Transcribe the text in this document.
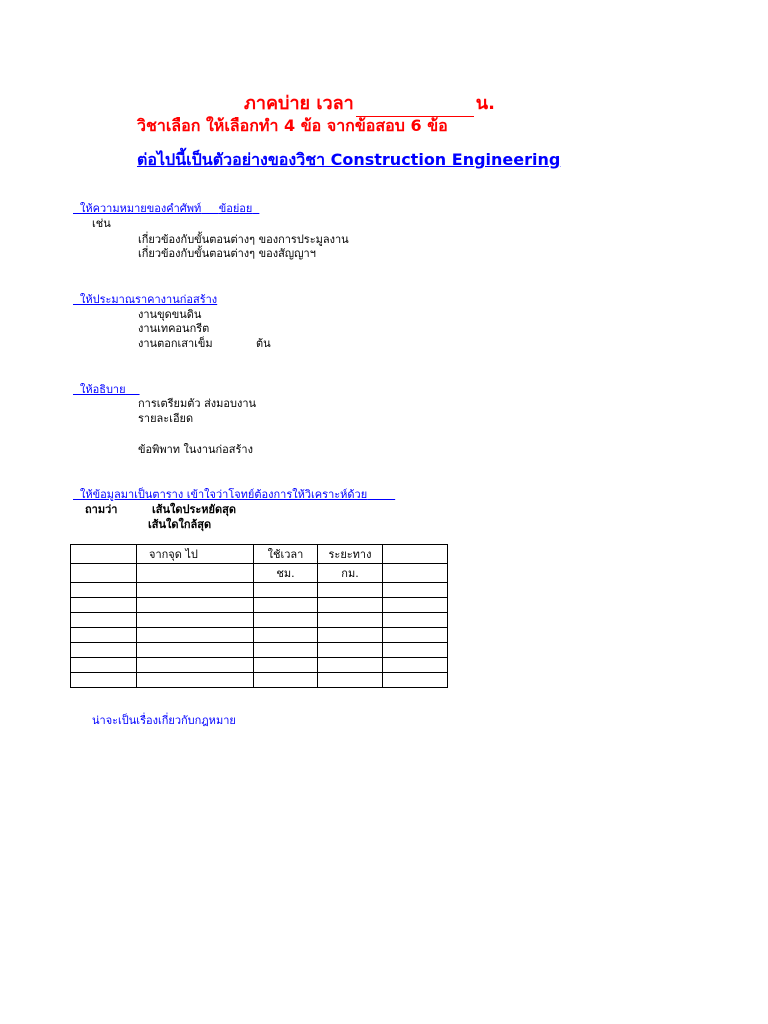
ภาคบ่าย เวลา	น.
วิชาเลือก ให้เลือกทำ 4 ข้อ จากข้อสอบ 6 ข้อ
ต่อไปนี้เป็นตัวอย่างของวิชา Construction Engineering
ให้ความหมายของคำศัพท์ ข้อย่อย
เช่น
เกี่ยวข้องกับขั้นตอนต่างๆ ของการประมูลงาน
เกี่ยวข้องกับขั้นตอนต่างๆ ของสัญญาฯ
ให้ประมาณราคางานก่อสร้าง
งานขุดขนดิน
งานเทคอนกรีต
งานตอกเสาเข็ม	ต้น
ให้อธิบาย
การเตรียมตัว ส่งมอบงาน
รายละเอียด
ข้อพิพาท ในงานก่อสร้าง
ให้ข้อมูลมาเป็นตาราง เข้าใจว่าโจทย์ต้องการให้วิเคราะห์ด้วย
ถามว่า	เส้นใดประหยัดสุด
เส้นใดใกล้สุด
	จากจุด ไป	ใช้เวลา	ระยะทาง	
		ชม.	กม.	

น่าจะเป็นเรื่องเกี่ยวกับกฎหมาย
